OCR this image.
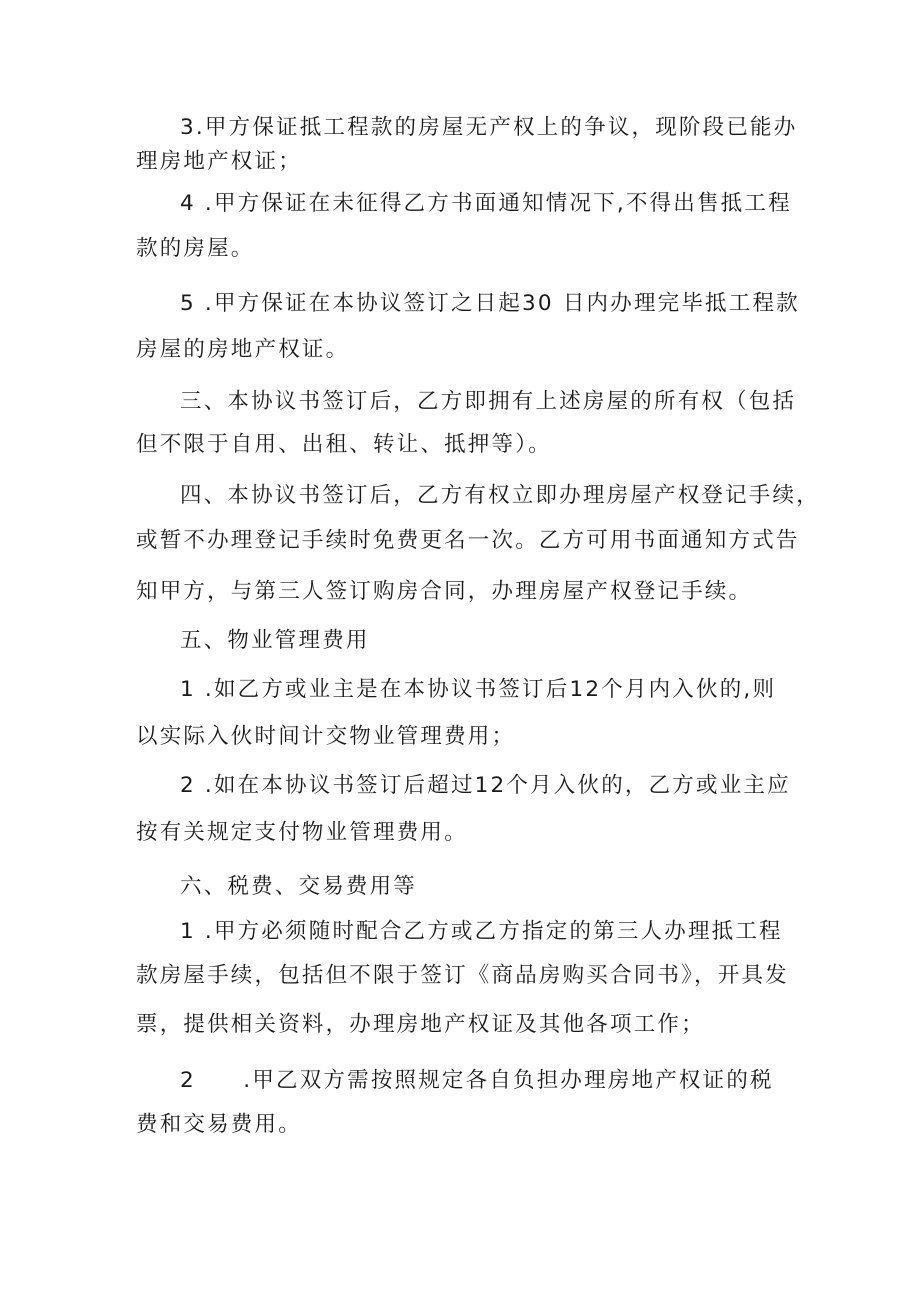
3.甲方保证抵工程款的房屋无产权上的争议，现阶段已能办
理房地产权证；
4 .甲方保证在未征得乙方书面通知情况下,不得出售抵工程
款的房屋。
5 .甲方保证在本协议签订之日起30 日内办理完毕抵工程款
房屋的房地产权证。
三、本协议书签订后，乙方即拥有上述房屋的所有权（包括
但不限于自用、出租、转让、抵押等）。
四、本协议书签订后，乙方有权立即办理房屋产权登记手续，
或暂不办理登记手续时免费更名一次。乙方可用书面通知方式告
知甲方，与第三人签订购房合同，办理房屋产权登记手续。
五、物业管理费用
1 .如乙方或业主是在本协议书签订后12个月内入伙的,则
以实际入伙时间计交物业管理费用；
2 .如在本协议书签订后超过12个月入伙的，乙方或业主应
按有关规定支付物业管理费用。
六、税费、交易费用等
1 .甲方必须随时配合乙方或乙方指定的第三人办理抵工程
款房屋手续，包括但不限于签订《商品房购买合同书》，开具发
票，提供相关资料，办理房地产权证及其他各项工作；
2　　.甲乙双方需按照规定各自负担办理房地产权证的税
费和交易费用。
